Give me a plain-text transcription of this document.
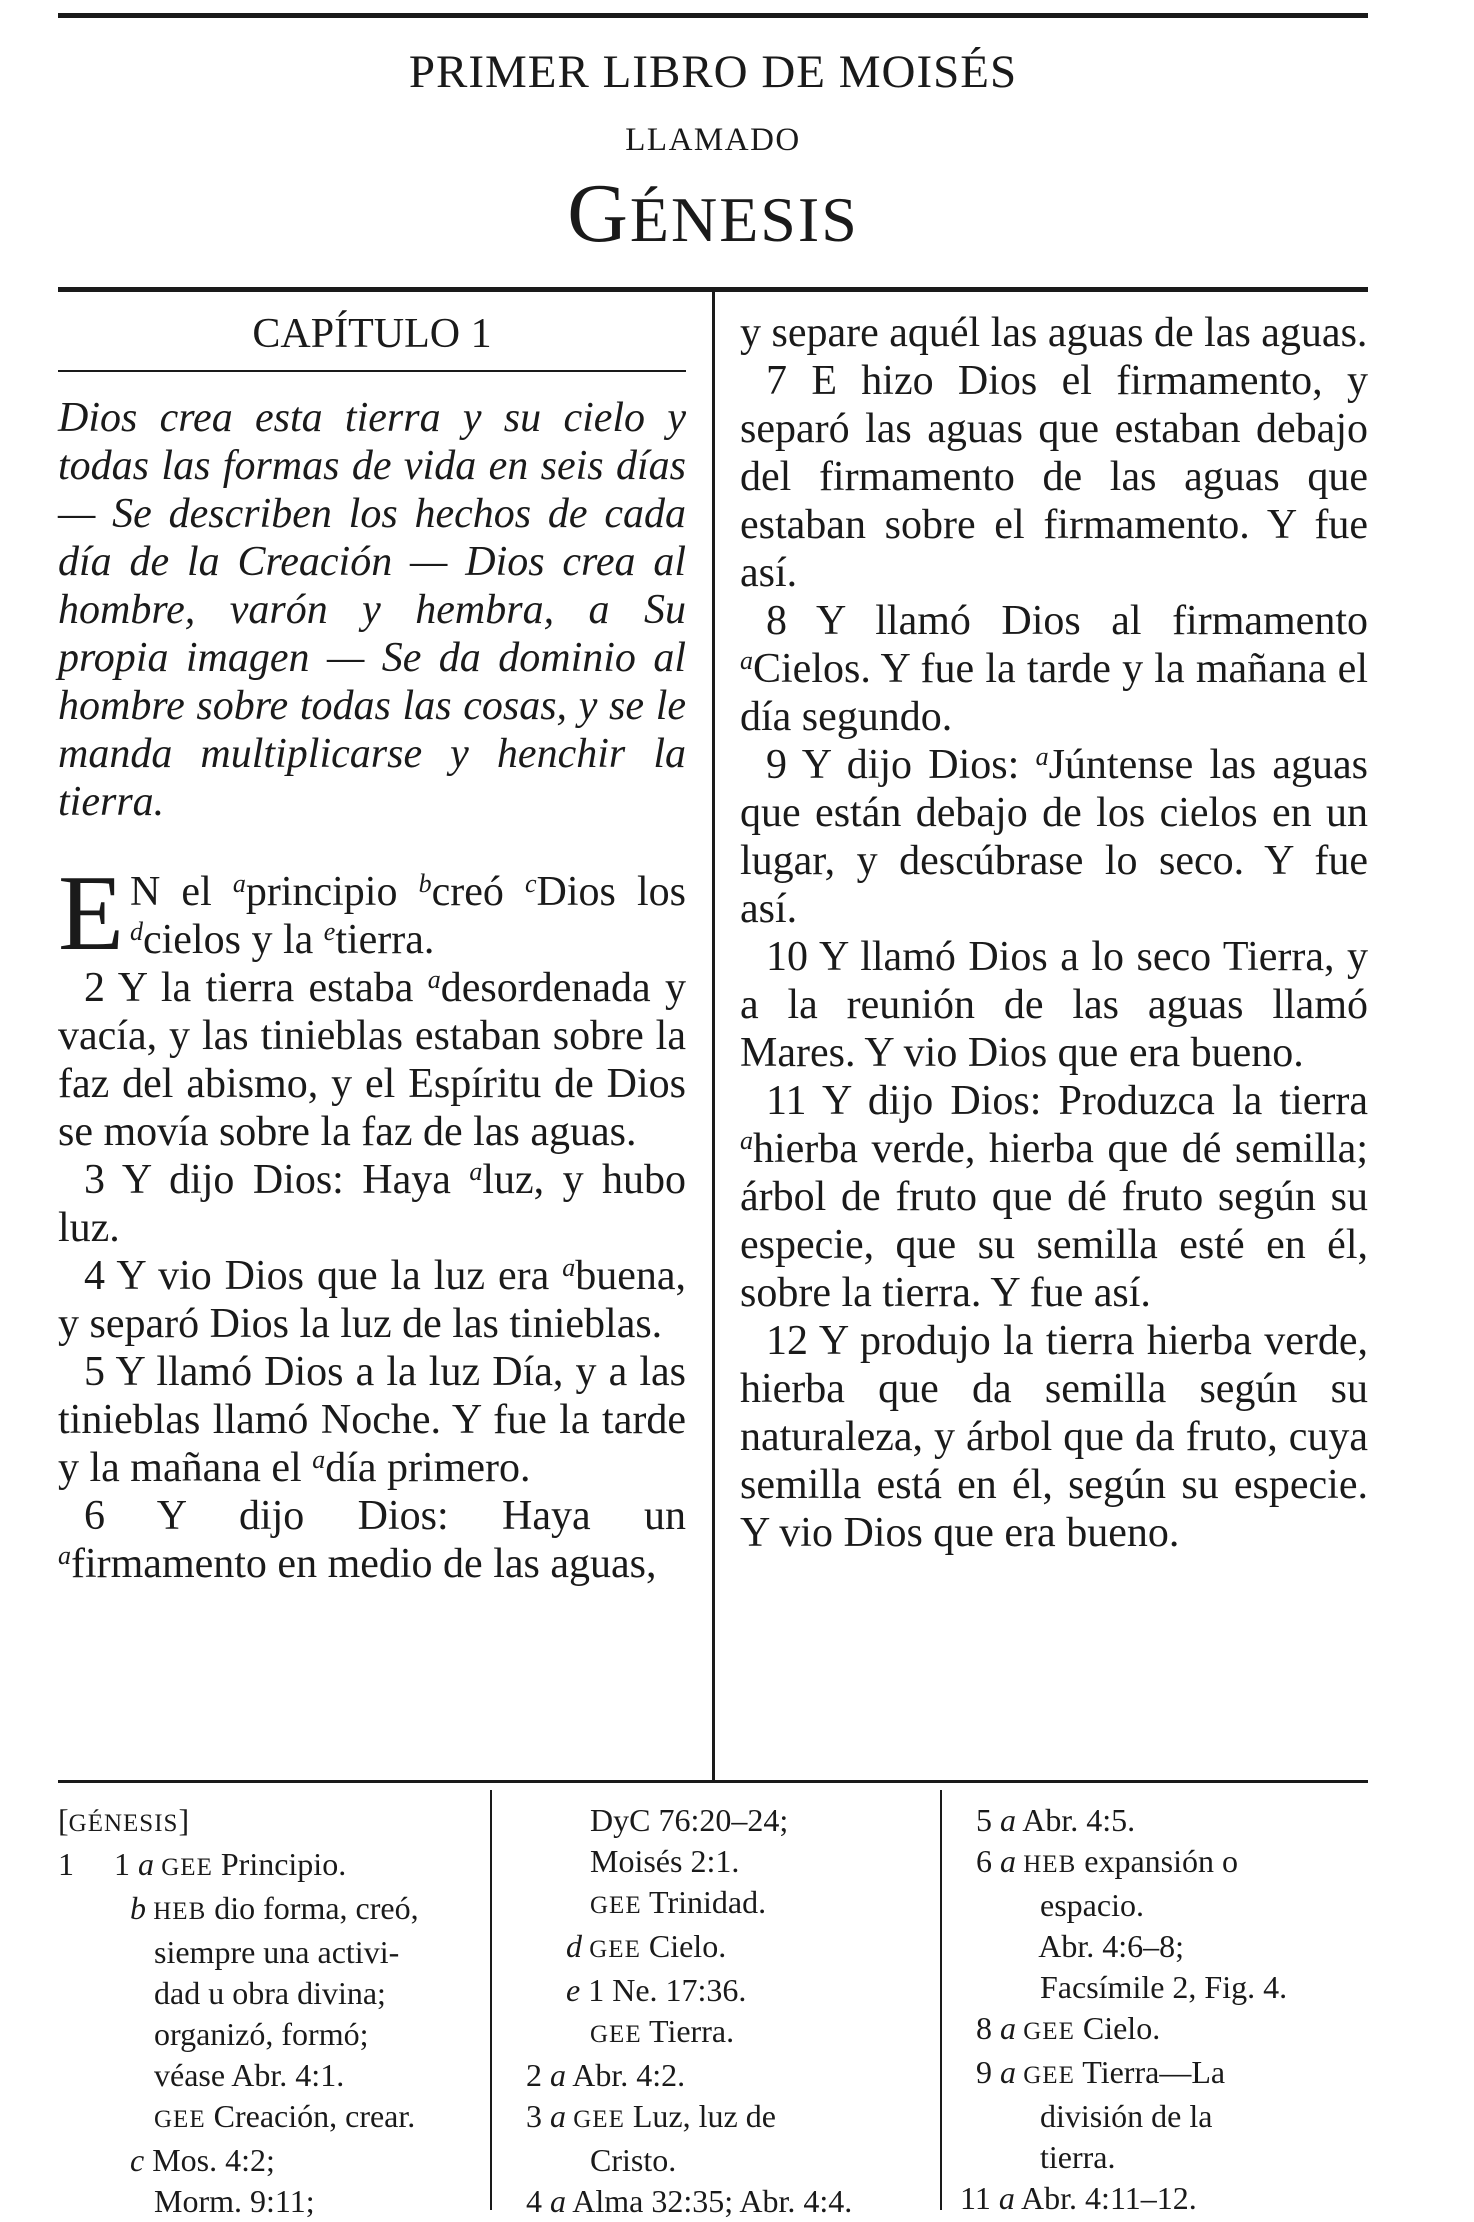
PRIMER LIBRO DE MOISÉS
LLAMADO
GÉNESIS
CAPÍTULO 1
Dios crea esta tierra y su cielo y todas las formas de vida en seis días — Se describen los hechos de cada día de la Creación — Dios crea al hombre, varón y hembra, a Su propia imagen — Se da dominio al hombre sobre todas las cosas, y se le manda multiplicarse y henchir la tierra.
E N el $^a$principio $^b$creó $^c$Dios los $^d$cielos y la $^e$tierra.
2 Y la tierra estaba $^a$desordenada y vacía, y las tinieblas estaban sobre la faz del abismo, y el Espíritu de Dios se movía sobre la faz de las aguas.
3 Y dijo Dios: Haya $^a$luz, y hubo luz.
4 Y vio Dios que la luz era $^a$buena, y separó Dios la luz de las tinieblas.
5 Y llamó Dios a la luz Día, y a las tinieblas llamó Noche. Y fue la tarde y la mañana el $^a$día primero.
6 Y dijo Dios: Haya un $^a$firmamento en medio de las aguas,
y separe aquél las aguas de las aguas.
7 E hizo Dios el firmamento, y separó las aguas que estaban debajo del firmamento de las aguas que estaban sobre el firmamento. Y fue así.
8 Y llamó Dios al firmamento $^a$Cielos. Y fue la tarde y la mañana el día segundo.
9 Y dijo Dios: $^a$Júntense las aguas que están debajo de los cielos en un lugar, y descúbrase lo seco. Y fue así.
10 Y llamó Dios a lo seco Tierra, y a la reunión de las aguas llamó Mares. Y vio Dios que era bueno.
11 Y dijo Dios: Produzca la tierra $^a$hierba verde, hierba que dé semilla; árbol de fruto que dé fruto según su especie, que su semilla esté en él, sobre la tierra. Y fue así.
12 Y produjo la tierra hierba verde, hierba que da semilla según su naturaleza, y árbol que da fruto, cuya semilla está en él, según su especie. Y vio Dios que era bueno.
[GÉNESIS]
1     1 a GEE Principio.
b HEB dio forma, creó,
siempre una activi-
dad u obra divina;
organizó, formó;
véase Abr. 4:1.
GEE Creación, crear.
c Mos. 4:2;
Morm. 9:11;
DyC 76:20–24;
Moisés 2:1.
GEE Trinidad.
d GEE Cielo.
e 1 Ne. 17:36.
GEE Tierra.
2 a Abr. 4:2.
3 a GEE Luz, luz de
Cristo.
4 a Alma 32:35; Abr. 4:4.
5 a Abr. 4:5.
6 a HEB expansión o
espacio.
Abr. 4:6–8;
Facsímile 2, Fig. 4.
8 a GEE Cielo.
9 a GEE Tierra—La
división de la
tierra.
11 a Abr. 4:11–12.
